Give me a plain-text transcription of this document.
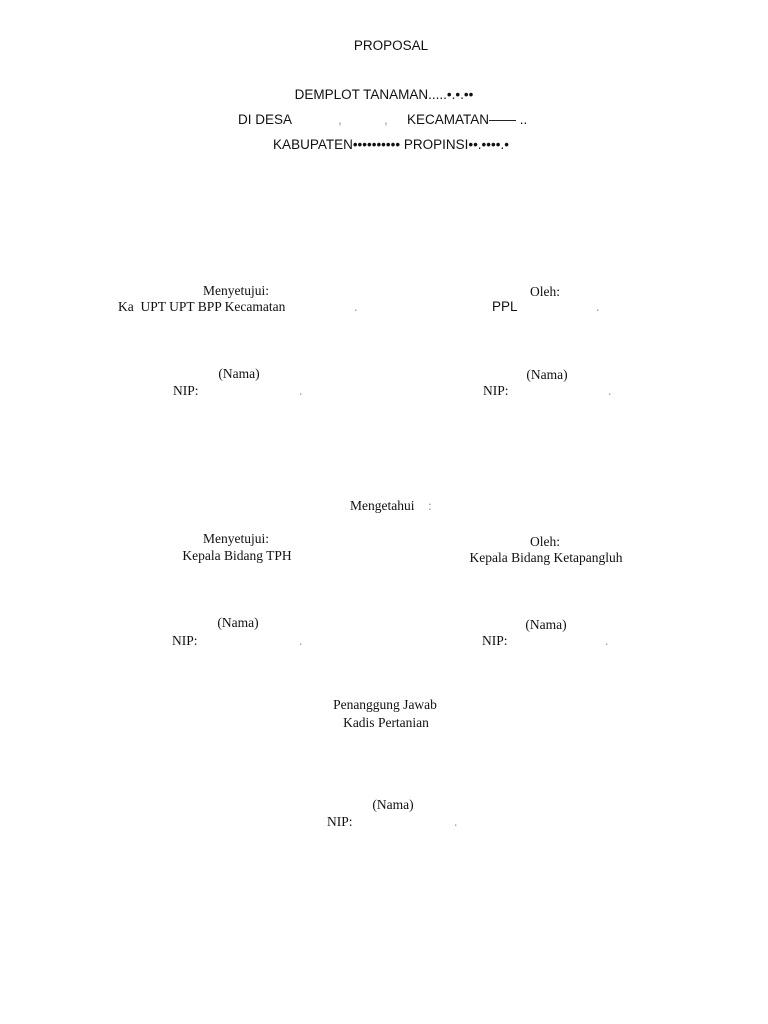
PROPOSAL
DEMPLOT TANAMAN.....•.•.••
DI DESA	,	, KECAMATAN—— ..
KABUPATEN•••••••••• PROPINSI••.••••.•
Menyetujui:
Ka  UPT UPT BPP Kecamatan	.
(Nama)
NIP:	.
Oleh:
PPL	.
(Nama)
NIP:	.
Mengetahui :
Menyetujui:
Kepala Bidang TPH
(Nama)
NIP:	.
Oleh:
Kepala Bidang Ketapangluh
(Nama)
NIP:	.
Penanggung Jawab
Kadis Pertanian
(Nama)
NIP:	.
